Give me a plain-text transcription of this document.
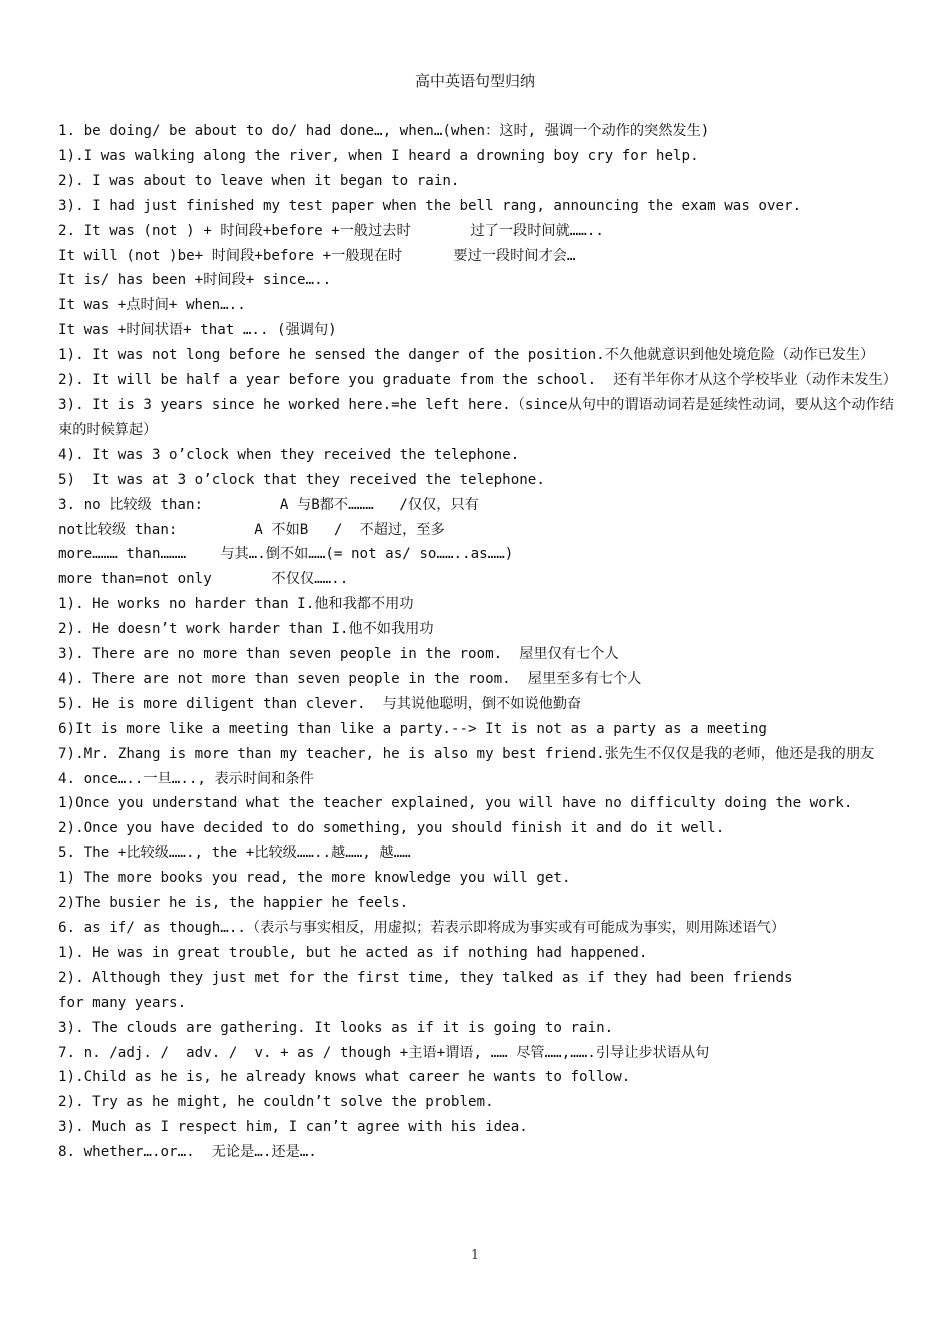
高中英语句型归纳
1. be doing/ be about to do/ had done…, when…(when：这时, 强调一个动作的突然发生)
1).I was walking along the river, when I heard a drowning boy cry for help.
2). I was about to leave when it began to rain.
3). I had just finished my test paper when the bell rang, announcing the exam was over.
2. It was (not ) + 时间段+before +一般过去时       过了一段时间就……..
It will (not )be+ 时间段+before +一般现在时      要过一段时间才会…
It is/ has been +时间段+ since…..
It was +点时间+ when…..
It was +时间状语+ that ….. (强调句)
1). It was not long before he sensed the danger of the position.不久他就意识到他处境危险（动作已发生）
2). It will be half a year before you graduate from the school.  还有半年你才从这个学校毕业（动作未发生）
3). It is 3 years since he worked here.=he left here.（since从句中的谓语动词若是延续性动词，要从这个动作结束的时候算起）
4). It was 3 o’clock when they received the telephone.
5)  It was at 3 o’clock that they received the telephone.
3. no 比较级 than:         A 与B都不………   /仅仅，只有
not比较级 than:         A 不如B   /  不超过，至多
more……… than………    与其….倒不如……(= not as/ so……..as……)
more than=not only       不仅仅……..
1). He works no harder than I.他和我都不用功
2). He doesn’t work harder than I.他不如我用功
3). There are no more than seven people in the room.  屋里仅有七个人
4). There are not more than seven people in the room.  屋里至多有七个人
5). He is more diligent than clever.  与其说他聪明，倒不如说他勤奋
6)It is more like a meeting than like a party.--> It is not as a party as a meeting
7).Mr. Zhang is more than my teacher, he is also my best friend.张先生不仅仅是我的老师，他还是我的朋友
4. once…..一旦….., 表示时间和条件
1)Once you understand what the teacher explained, you will have no difficulty doing the work.
2).Once you have decided to do something, you should finish it and do it well.
5. The +比较级……., the +比较级……..越……, 越……
1) The more books you read, the more knowledge you will get.
2)The busier he is, the happier he feels.
6. as if/ as though…..（表示与事实相反，用虚拟；若表示即将成为事实或有可能成为事实，则用陈述语气）
1). He was in great trouble, but he acted as if nothing had happened.
2). Although they just met for the first time, they talked as if they had been friends
for many years.
3). The clouds are gathering. It looks as if it is going to rain.
7. n. /adj. /  adv. /  v. + as / though +主语+谓语, …… 尽管……,…….引导让步状语从句
1).Child as he is, he already knows what career he wants to follow.
2). Try as he might, he couldn’t solve the problem.
3). Much as I respect him, I can’t agree with his idea.
8. whether….or….  无论是….还是….
1
